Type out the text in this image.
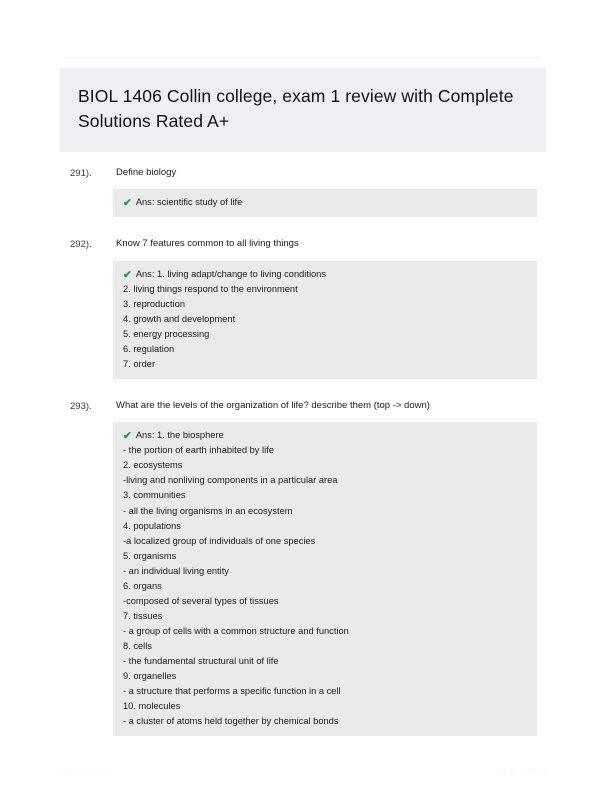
BIOL 1406 Collin college, exam 1 review with Complete Solutions Rated A+
291).	Define biology
✔ Ans: scientific study of life
292).	Know 7 features common to all living things
✔ Ans: 1. living adapt/change to living conditions
2. living things respond to the environment
3. reproduction
4. growth and development
5. energy processing
6. regulation
7. order
293).	What are the levels of the organization of life? describe them (top -> down)
✔ Ans: 1. the biosphere
- the portion of earth inhabited by life
2. ecosystems
-living and nonliving components in a particular area
3. communities
- all the living organisms in an ecosystem
4. populations
-a localized group of individuals of one species
5. organisms
- an individual living entity
6. organs
-composed of several types of tissues
7. tissues
- a group of cells with a common structure and function
8. cells
- the fundamental structural unit of life
9. organelles
- a structure that performs a specific function in a cell
10. molecules
- a cluster of atoms held together by chemical bonds
PaperStic.com	Page 1 of 14
